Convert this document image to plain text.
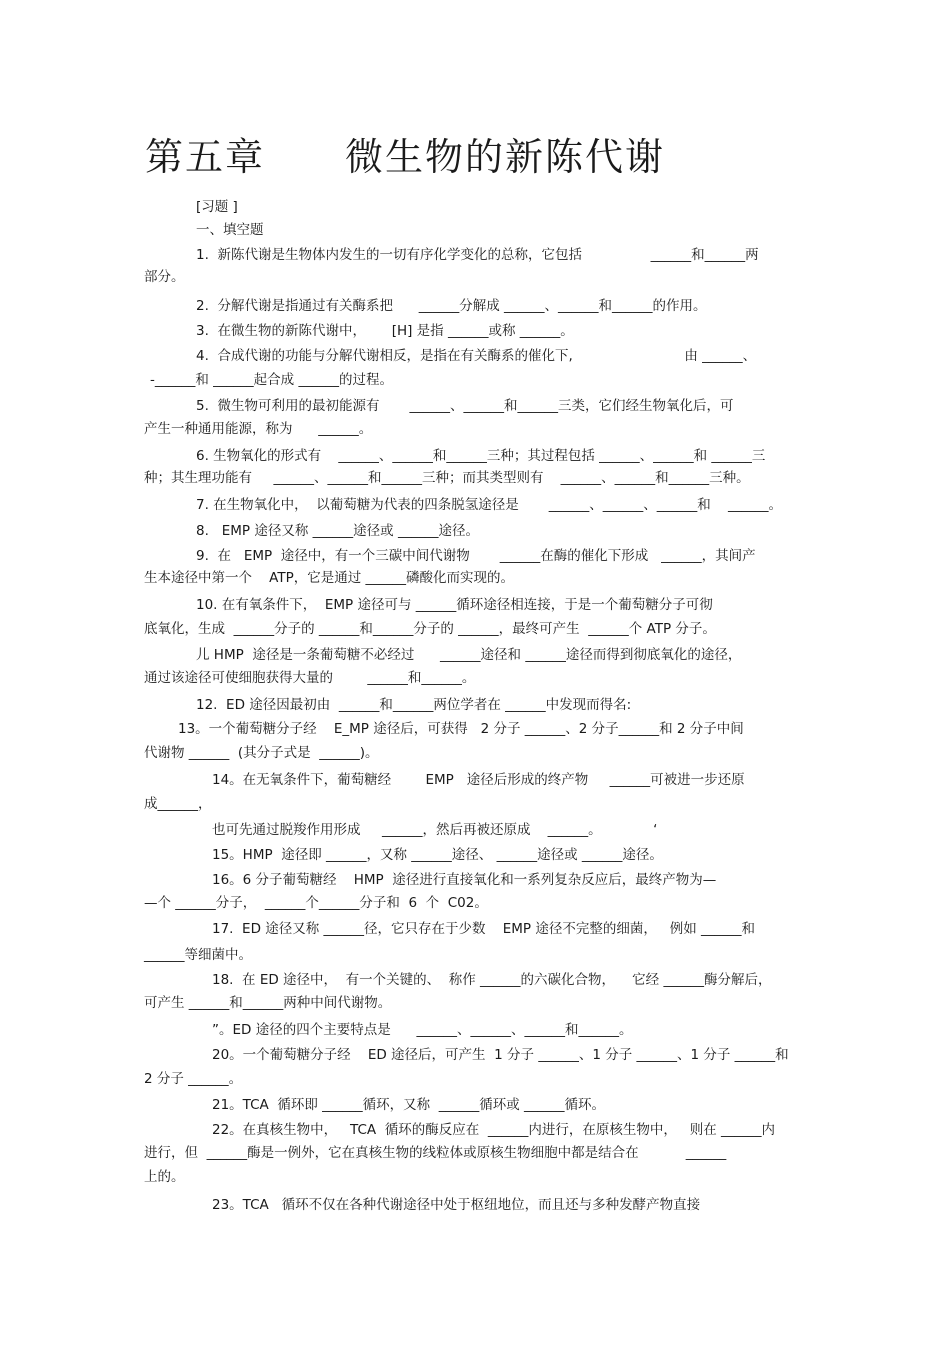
第五章　　微生物的新陈代谢
[习题 ]
一、填空题
1.  新陈代谢是生物体内发生的一切有序化学变化的总称，它包括                ______和______两
部分。
2.  分解代谢是指通过有关酶系把      ______分解成 ______、______和______的作用。
3.  在微生物的新陈代谢中，      [H] 是指 ______或称 ______。
4.  合成代谢的功能与分解代谢相反，是指在有关酶系的催化下,                          由 ______、
-______和 ______起合成 ______的过程。
5.  微生物可利用的最初能源有       ______、______和______三类，它们经生物氧化后，可
产生一种通用能源，称为      ______。
6. 生物氧化的形式有    ______、______和______三种；其过程包括 ______、______和 ______三
种；其生理功能有     ______、______和______三种；而其类型则有    ______、______和______三种。
7. 在生物氧化中，  以葡萄糖为代表的四条脱氢途径是       ______、______、______和    ______。
8.   EMP 途径又称 ______途径或 ______途径。
9.  在   EMP  途径中，有一个三碳中间代谢物       ______在酶的催化下形成   ______，其间产
生本途径中第一个    ATP，它是通过 ______磷酸化而实现的。
10. 在有氧条件下，  EMP 途径可与 ______循环途径相连接，于是一个葡萄糖分子可彻
底氧化，生成  ______分子的 ______和______分子的 ______，最终可产生  ______个 ATP 分子。
儿 HMP  途径是一条葡萄糖不必经过      ______途径和 ______途径而得到彻底氧化的途径，
通过该途径可使细胞获得大量的        ______和______。
12.  ED 途径因最初由  ______和______两位学者在 ______中发现而得名:
13。一个葡萄糖分子经    E_MP 途径后，可获得   2 分子 ______、2 分子______和 2 分子中间
代谢物 ______  (其分子式是  ______)。
14。在无氧条件下，葡萄糖经        EMP   途径后形成的终产物     ______可被进一步还原
成______，
也可先通过脱羧作用形成     ______，然后再被还原成    ______。            ‘
15。HMP  途径即 ______，又称 ______途径、 ______途径或 ______途径。
16。6 分子葡萄糖经    HMP  途径进行直接氧化和一系列复杂反应后，最终产物为—
—个 ______分子，  ______个______分子和  6  个  C02。
17.  ED 途径又称 ______径，它只存在于少数    EMP 途径不完整的细菌，   例如 ______和
______等细菌中。
18.  在 ED 途径中，  有一个关键的、  称作 ______的六碳化合物，    它经 ______酶分解后，
可产生 ______和______两种中间代谢物。
”。ED 途径的四个主要特点是      ______、______、______和______。
20。一个葡萄糖分子经    ED 途径后，可产生  1 分子 ______、1 分子 ______、1 分子 ______和
2 分子 ______。
21。TCA  循环即 ______循环，又称  ______循环或 ______循环。
22。在真核生物中，   TCA  循环的酶反应在  ______内进行，在原核生物中，   则在 ______内
进行，但  ______酶是一例外，它在真核生物的线粒体或原核生物细胞中都是结合在           ______
上的。
23。TCA   循环不仅在各种代谢途径中处于枢纽地位，而且还与多种发酵产物直接
